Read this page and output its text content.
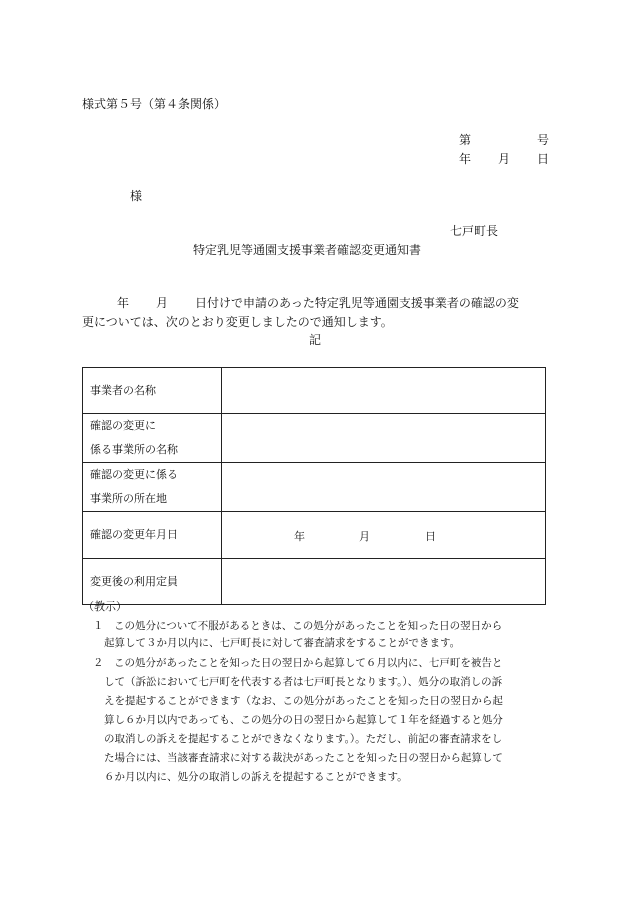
様式第５号（第４条関係）
第	号
年 月 日
様
七戸町長
特定乳児等通園支援事業者確認変更通知書
年 月 日付けで申請のあった特定乳児等通園支援事業者の確認の変
更については、次のとおり変更しましたので通知します。
記
事業者の名称	

確認の変更に
係る事業所の名称	

確認の変更に係る
事業所の所在地	

確認の変更年月日	年 月 日

変更後の利用定員	

（教示）
１　この処分について不服があるときは、この処分があったことを知った日の翌日から
起算して３か月以内に、七戸町長に対して審査請求をすることができます。
２　この処分があったことを知った日の翌日から起算して６月以内に、七戸町を被告と
して（訴訟において七戸町を代表する者は七戸町長となります。）、処分の取消しの訴
えを提起することができます（なお、この処分があったことを知った日の翌日から起
算し６か月以内であっても、この処分の日の翌日から起算して１年を経過すると処分
の取消しの訴えを提起することができなくなります。）。ただし、前記の審査請求をし
た場合には、当該審査請求に対する裁決があったことを知った日の翌日から起算して
６か月以内に、処分の取消しの訴えを提起することができます。
